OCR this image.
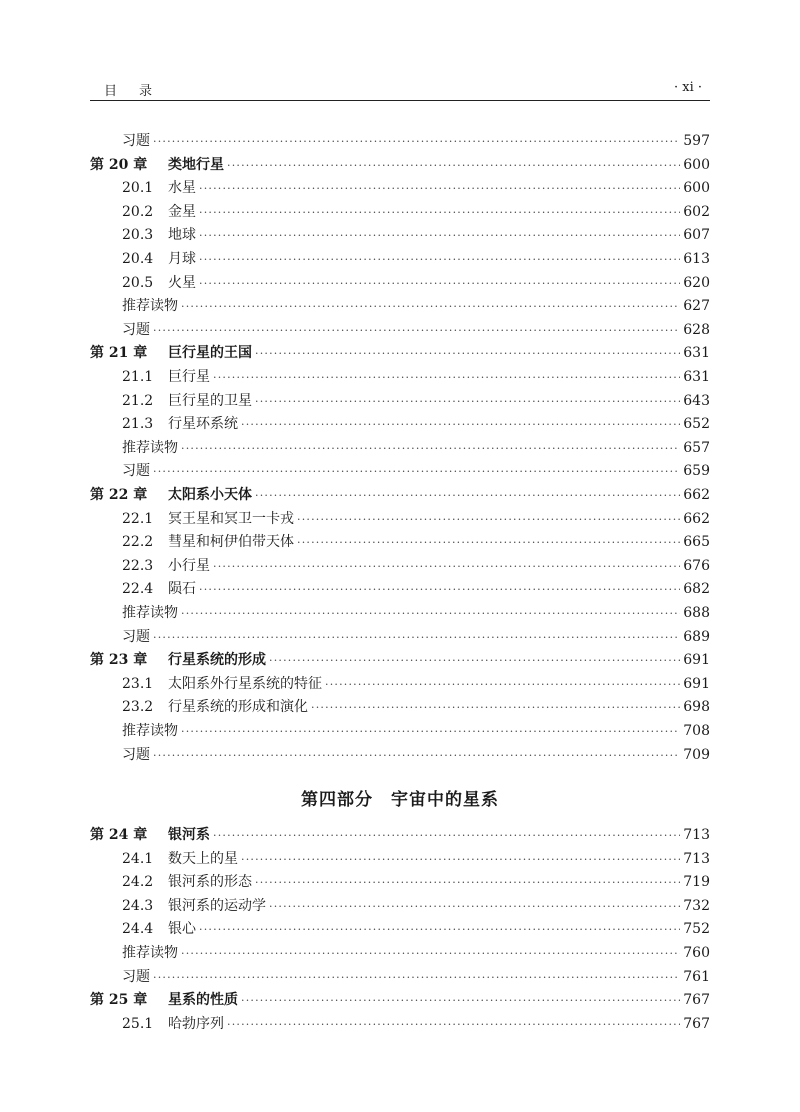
目录	· xi ·
习题 ·····	597
第 20 章	类地行星 ·····	600
20.1	水星 ·····	600
20.2	金星 ·····	602
20.3	地球 ·····	607
20.4	月球 ·····	613
20.5	火星 ·····	620
推荐读物 ·····	627
习题 ·····	628
第 21 章	巨行星的王国 ·····	631
21.1	巨行星 ·····	631
21.2	巨行星的卫星 ·····	643
21.3	行星环系统 ·····	652
推荐读物 ·····	657
习题 ·····	659
第 22 章	太阳系小天体 ·····	662
22.1	冥王星和冥卫一卡戎 ·····	662
22.2	彗星和柯伊伯带天体 ·····	665
22.3	小行星 ·····	676
22.4	陨石 ·····	682
推荐读物 ·····	688
习题 ·····	689
第 23 章	行星系统的形成 ·····	691
23.1	太阳系外行星系统的特征 ·····	691
23.2	行星系统的形成和演化 ·····	698
推荐读物 ·····	708
习题 ·····	709
第 24 章	银河系 ·····	713
24.1	数天上的星 ·····	713
24.2	银河系的形态 ·····	719
24.3	银河系的运动学 ·····	732
24.4	银心 ·····	752
推荐读物 ·····	760
习题 ·····	761
第 25 章	星系的性质 ·····	767
25.1	哈勃序列 ·····	767
第四部分　宇宙中的星系
